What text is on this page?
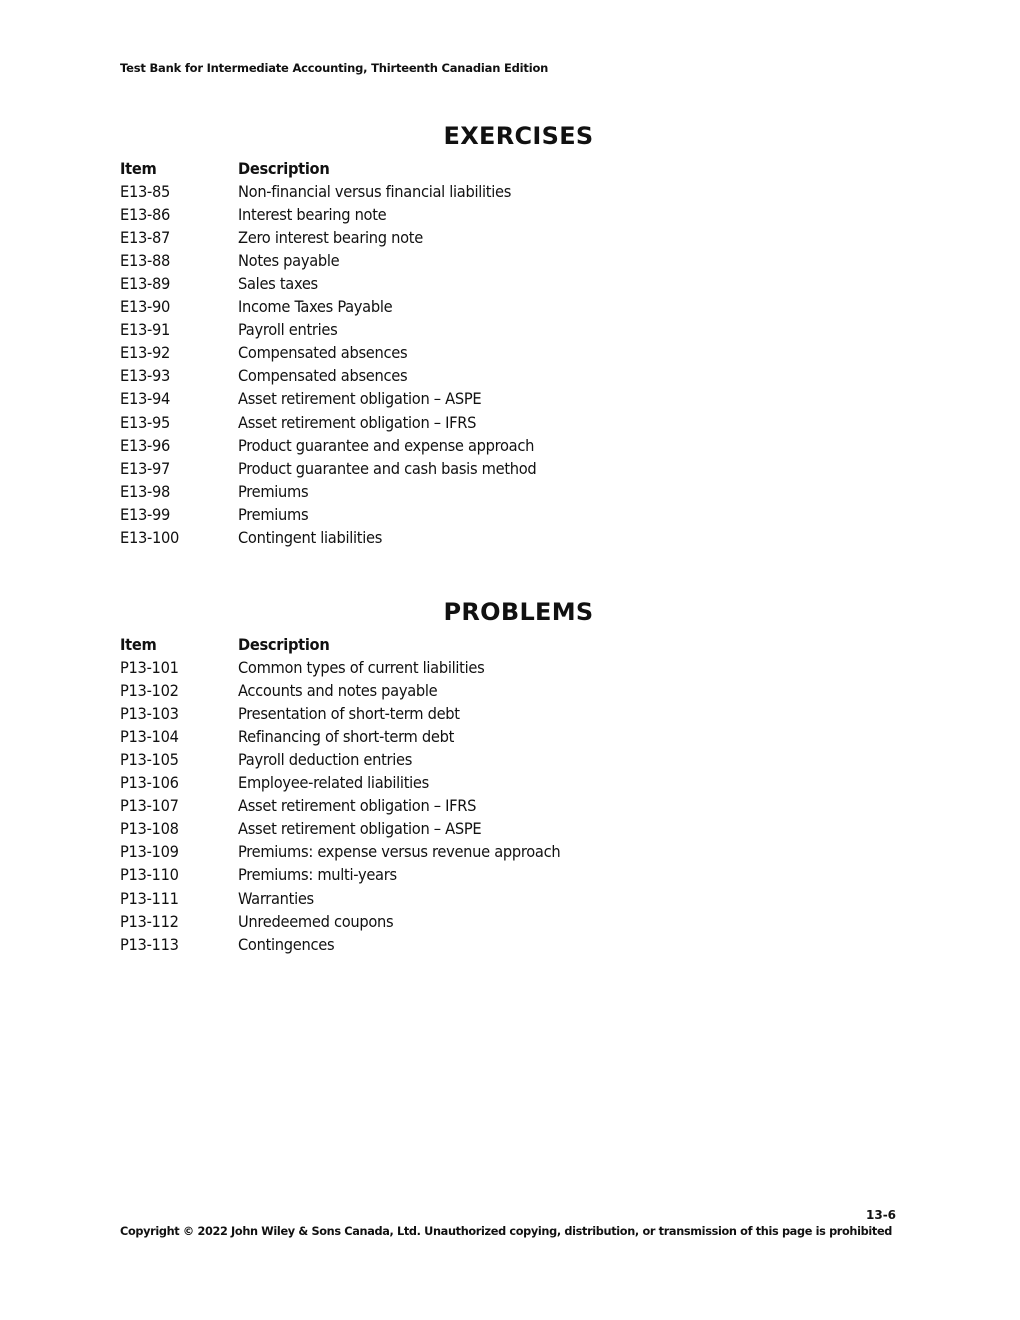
Test Bank for Intermediate Accounting, Thirteenth Canadian Edition
EXERCISES
Item	Description
E13-85	Non-financial versus financial liabilities
E13-86	Interest bearing note
E13-87	Zero interest bearing note
E13-88	Notes payable
E13-89	Sales taxes
E13-90	Income Taxes Payable
E13-91	Payroll entries
E13-92	Compensated absences
E13-93	Compensated absences
E13-94	Asset retirement obligation – ASPE
E13-95	Asset retirement obligation – IFRS
E13-96	Product guarantee and expense approach
E13-97	Product guarantee and cash basis method
E13-98	Premiums
E13-99	Premiums
E13-100	Contingent liabilities
PROBLEMS
Item	Description
P13-101	Common types of current liabilities
P13-102	Accounts and notes payable
P13-103	Presentation of short-term debt
P13-104	Refinancing of short-term debt
P13-105	Payroll deduction entries
P13-106	Employee-related liabilities
P13-107	Asset retirement obligation – IFRS
P13-108	Asset retirement obligation – ASPE
P13-109	Premiums: expense versus revenue approach
P13-110	Premiums: multi-years
P13-111	Warranties
P13-112	Unredeemed coupons
P13-113	Contingences
13-6
Copyright © 2022 John Wiley & Sons Canada, Ltd. Unauthorized copying, distribution, or transmission of this page is prohibited
